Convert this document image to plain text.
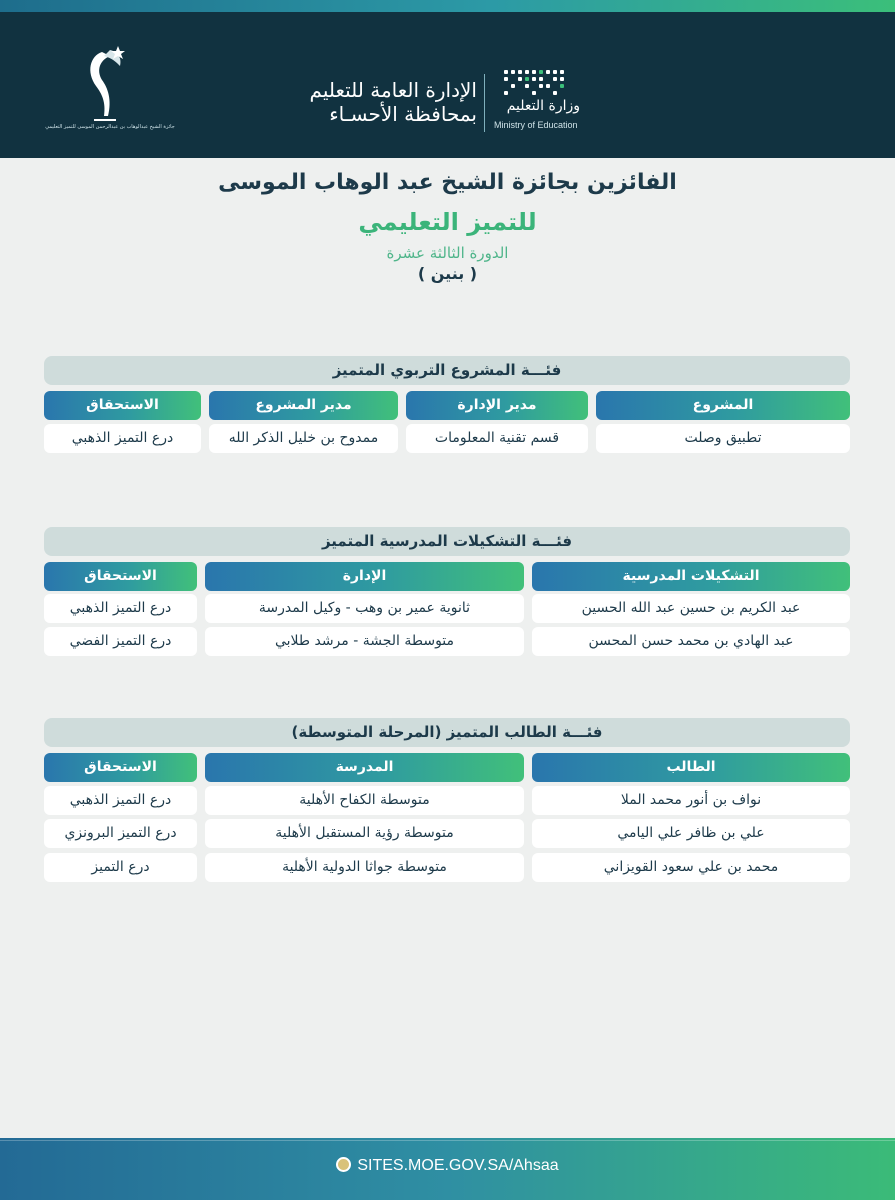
وزارة التعليم
Ministry of Education
الإدارة العامة للتعليم
بمحافظة الأحسـاء
جائزة الشيخ عبدالوهاب بن عبدالرحمن الموسى للتميز التعليمي
الفائزين بجائزة الشيخ عبد الوهاب الموسى
للتميز التعليمي
الدورة الثالثة عشرة
( بنين )
فئـــة المشروع التربوي المتميز
المشروع
مدير الإدارة
مدير المشروع
الاستحقاق
تطبيق وصلت
قسم تقنية المعلومات
ممدوح بن خليل الذكر الله
درع التميز الذهبي
فئـــة التشكيلات المدرسية المتميز
التشكيلات المدرسية
الإدارة
الاستحقاق
عبد الكريم بن حسين عبد الله الحسين
ثانوية عمير بن وهب - وكيل المدرسة
درع التميز الذهبي
عبد الهادي بن محمد حسن المحسن
متوسطة الجشة - مرشد طلابي
درع التميز الفضي
فئـــة الطالب المتميز (المرحلة المتوسطة)
الطالب
المدرسة
الاستحقاق
نواف بن أنور محمد الملا
متوسطة الكفاح الأهلية
درع التميز الذهبي
علي بن ظافر علي اليامي
متوسطة رؤية المستقبل الأهلية
درع التميز البرونزي
محمد بن علي سعود القويزاني
متوسطة جواثا الدولية الأهلية
درع التميز
SITES.MOE.GOV.SA/Ahsaa
